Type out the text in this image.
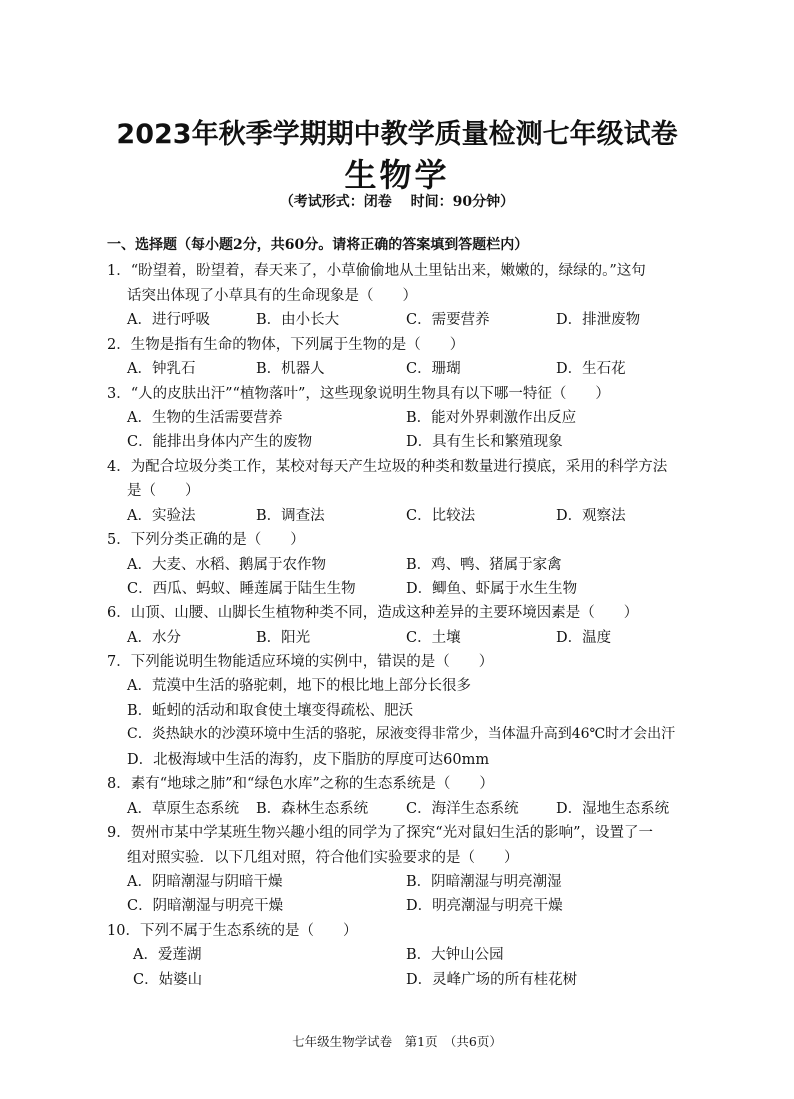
2023年秋季学期期中教学质量检测七年级试卷
生物学
（考试形式：闭卷　 时间：90分钟）
一、选择题（每小题2分，共60分。请将正确的答案填到答题栏内）
1．“盼望着，盼望着，春天来了，小草偷偷地从土里钻出来，嫩嫩的，绿绿的。”这句
话突出体现了小草具有的生命现象是（　　）
A．进行呼吸	B．由小长大	C．需要营养	D．排泄废物
2．生物是指有生命的物体，下列属于生物的是（　　）
A．钟乳石	B．机器人	C．珊瑚	D．生石花
3．“人的皮肤出汗”“植物落叶”，这些现象说明生物具有以下哪一特征（　　）
A．生物的生活需要营养	B．能对外界刺激作出反应
C．能排出身体内产生的废物	D．具有生长和繁殖现象
4．为配合垃圾分类工作，某校对每天产生垃圾的种类和数量进行摸底，采用的科学方法
是（　　）
A．实验法	B．调查法	C．比较法	D．观察法
5．下列分类正确的是（　　）
A．大麦、水稻、鹅属于农作物	B．鸡、鸭、猪属于家禽
C．西瓜、蚂蚁、睡莲属于陆生生物	D．鲫鱼、虾属于水生生物
6．山顶、山腰、山脚长生植物种类不同，造成这种差异的主要环境因素是（　　）
A．水分	B．阳光	C．土壤	D．温度
7．下列能说明生物能适应环境的实例中，错误的是（　　）
A．荒漠中生活的骆驼刺，地下的根比地上部分长很多
B．蚯蚓的活动和取食使土壤变得疏松、肥沃
C．炎热缺水的沙漠环境中生活的骆驼，尿液变得非常少，当体温升高到46℃时才会出汗
D．北极海域中生活的海豹，皮下脂肪的厚度可达60mm
8．素有“地球之肺”和“绿色水库”之称的生态系统是（　　）
A．草原生态系统 B．森林生态系统	C．海洋生态系统	D．湿地生态系统
9．贺州市某中学某班生物兴趣小组的同学为了探究“光对鼠妇生活的影响”，设置了一
组对照实验．以下几组对照，符合他们实验要求的是（　　）
A．阴暗潮湿与阴暗干燥	B．阴暗潮湿与明亮潮湿
C．阴暗潮湿与明亮干燥	D．明亮潮湿与明亮干燥
10．下列不属于生态系统的是（　　）
A．爱莲湖	B．大钟山公园
C．姑婆山	D．灵峰广场的所有桂花树
七年级生物学试卷　第1页　（共6页）
